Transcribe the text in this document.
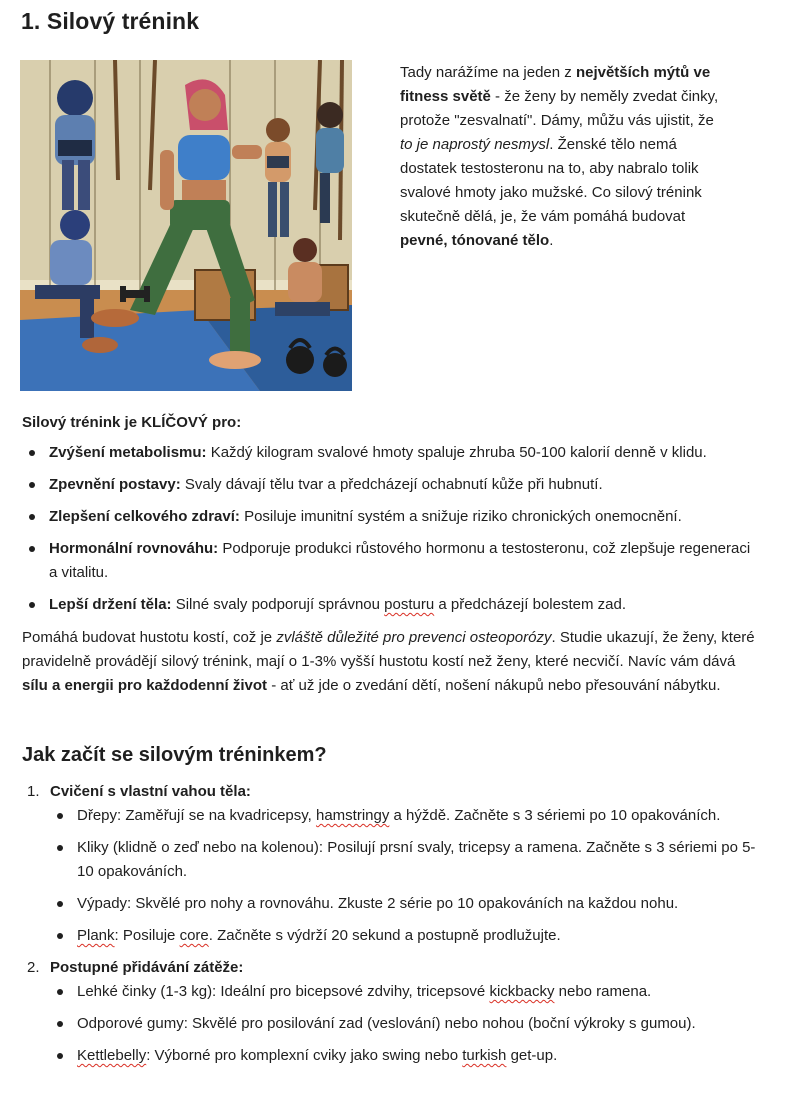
1. Silový trénink

Tady narážíme na jeden z největších mýtů ve fitness světě - že ženy by neměly zvedat činky, protože "zesvalnatí". Dámy, můžu vás ujistit, že to je naprostý nesmysl. Ženské tělo nemá dostatek testosteronu na to, aby nabralo tolik svalové hmoty jako mužské. Co silový trénink skutečně dělá, je, že vám pomáhá budovat pevné, tónované tělo.

Silový trénink je KLÍČOVÝ pro:

Zvýšení metabolismu: Každý kilogram svalové hmoty spaluje zhruba 50-100 kalorií denně v klidu.
Zpevnění postavy: Svaly dávají tělu tvar a předcházejí ochabnutí kůže při hubnutí.
Zlepšení celkového zdraví: Posiluje imunitní systém a snižuje riziko chronických onemocnění.
Hormonální rovnováhu: Podporuje produkci růstového hormonu a testosteronu, což zlepšuje regeneraci a vitalitu.
Lepší držení těla: Silné svaly podporují správnou posturu a předcházejí bolestem zad.

Pomáhá budovat hustotu kostí, což je zvláště důležité pro prevenci osteoporózy. Studie ukazují, že ženy, které pravidelně provádějí silový trénink, mají o 1-3% vyšší hustotu kostí než ženy, které necvičí. Navíc vám dává sílu a energii pro každodenní život - ať už jde o zvedání dětí, nošení nákupů nebo přesouvání nábytku.

Jak začít se silovým tréninkem?
1. Cvičení s vlastní vahou těla:
Dřepy: Zaměřují se na kvadricepsy, hamstringy a hýždě. Začněte s 3 sériemi po 10 opakováních.
Kliky (klidně o zeď nebo na kolenou): Posilují prsní svaly, tricepsy a ramena. Začněte s 3 sériemi po 5-10 opakováních.
Výpady: Skvělé pro nohy a rovnováhu. Zkuste 2 série po 10 opakováních na každou nohu.
Plank: Posiluje core. Začněte s výdrží 20 sekund a postupně prodlužujte.
2. Postupné přidávání zátěže:
Lehké činky (1-3 kg): Ideální pro bicepsové zdvihy, tricepsové kickbacky nebo ramena.
Odporové gumy: Skvělé pro posilování zad (veslování) nebo nohou (boční výkroky s gumou).
Kettlebelly: Výborné pro komplexní cviky jako swing nebo turkish get-up.
